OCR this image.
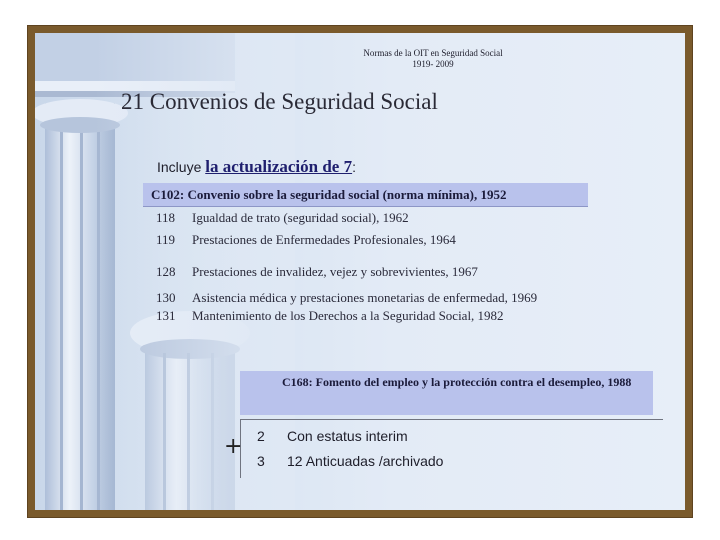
Normas de la OIT en Seguridad Social
1919- 2009
21 Convenios de Seguridad Social
Incluye la actualización de 7:
C102: Convenio sobre la seguridad social (norma mínima), 1952
118 Igualdad de trato (seguridad social), 1962
119 Prestaciones de Enfermedades Profesionales, 1964
128 Prestaciones de invalidez, vejez y sobrevivientes, 1967
130 Asistencia médica y prestaciones monetarias de enfermedad, 1969
131 Mantenimiento de los Derechos a la Seguridad Social, 1982
C168: Fomento del empleo y la protección contra el desempleo, 1988
+ 2 Con estatus interim
3 12 Anticuadas /archivado
